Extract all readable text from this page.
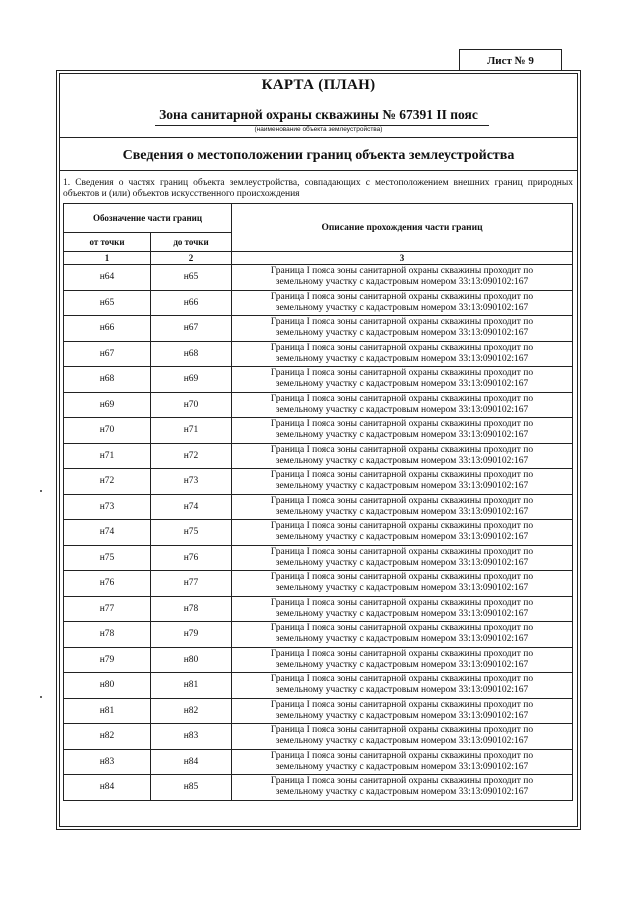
Лист № 9
КАРТА (ПЛАН)
Зона санитарной охраны скважины № 67391 II пояс
(наименование объекта землеустройства)
Сведения о местоположении границ объекта землеустройства
1. Сведения о частях границ объекта землеустройства, совпадающих с местоположением внешних границ природных объектов и (или) объектов искусственного происхождения
Обозначение части границ		Описание прохождения части границ
от точки	до точки	
1	2	3
н64	н65	Граница I пояса зоны санитарной охраны скважины проходит по
земельному участку с кадастровым номером 33:13:090102:167

н65	н66	Граница I пояса зоны санитарной охраны скважины проходит по
земельному участку с кадастровым номером 33:13:090102:167

н66	н67	Граница I пояса зоны санитарной охраны скважины проходит по
земельному участку с кадастровым номером 33:13:090102:167

н67	н68	Граница I пояса зоны санитарной охраны скважины проходит по
земельному участку с кадастровым номером 33:13:090102:167

н68	н69	Граница I пояса зоны санитарной охраны скважины проходит по
земельному участку с кадастровым номером 33:13:090102:167

н69	н70	Граница I пояса зоны санитарной охраны скважины проходит по
земельному участку с кадастровым номером 33:13:090102:167

н70	н71	Граница I пояса зоны санитарной охраны скважины проходит по
земельному участку с кадастровым номером 33:13:090102:167

н71	н72	Граница I пояса зоны санитарной охраны скважины проходит по
земельному участку с кадастровым номером 33:13:090102:167

н72	н73	Граница I пояса зоны санитарной охраны скважины проходит по
земельному участку с кадастровым номером 33:13:090102:167

н73	н74	Граница I пояса зоны санитарной охраны скважины проходит по
земельному участку с кадастровым номером 33:13:090102:167

н74	н75	Граница I пояса зоны санитарной охраны скважины проходит по
земельному участку с кадастровым номером 33:13:090102:167

н75	н76	Граница I пояса зоны санитарной охраны скважины проходит по
земельному участку с кадастровым номером 33:13:090102:167

н76	н77	Граница I пояса зоны санитарной охраны скважины проходит по
земельному участку с кадастровым номером 33:13:090102:167

н77	н78	Граница I пояса зоны санитарной охраны скважины проходит по
земельному участку с кадастровым номером 33:13:090102:167

н78	н79	Граница I пояса зоны санитарной охраны скважины проходит по
земельному участку с кадастровым номером 33:13:090102:167

н79	н80	Граница I пояса зоны санитарной охраны скважины проходит по
земельному участку с кадастровым номером 33:13:090102:167

н80	н81	Граница I пояса зоны санитарной охраны скважины проходит по
земельному участку с кадастровым номером 33:13:090102:167

н81	н82	Граница I пояса зоны санитарной охраны скважины проходит по
земельному участку с кадастровым номером 33:13:090102:167

н82	н83	Граница I пояса зоны санитарной охраны скважины проходит по
земельному участку с кадастровым номером 33:13:090102:167

н83	н84	Граница I пояса зоны санитарной охраны скважины проходит по
земельному участку с кадастровым номером 33:13:090102:167

н84	н85	Граница I пояса зоны санитарной охраны скважины проходит по
земельному участку с кадастровым номером 33:13:090102:167
